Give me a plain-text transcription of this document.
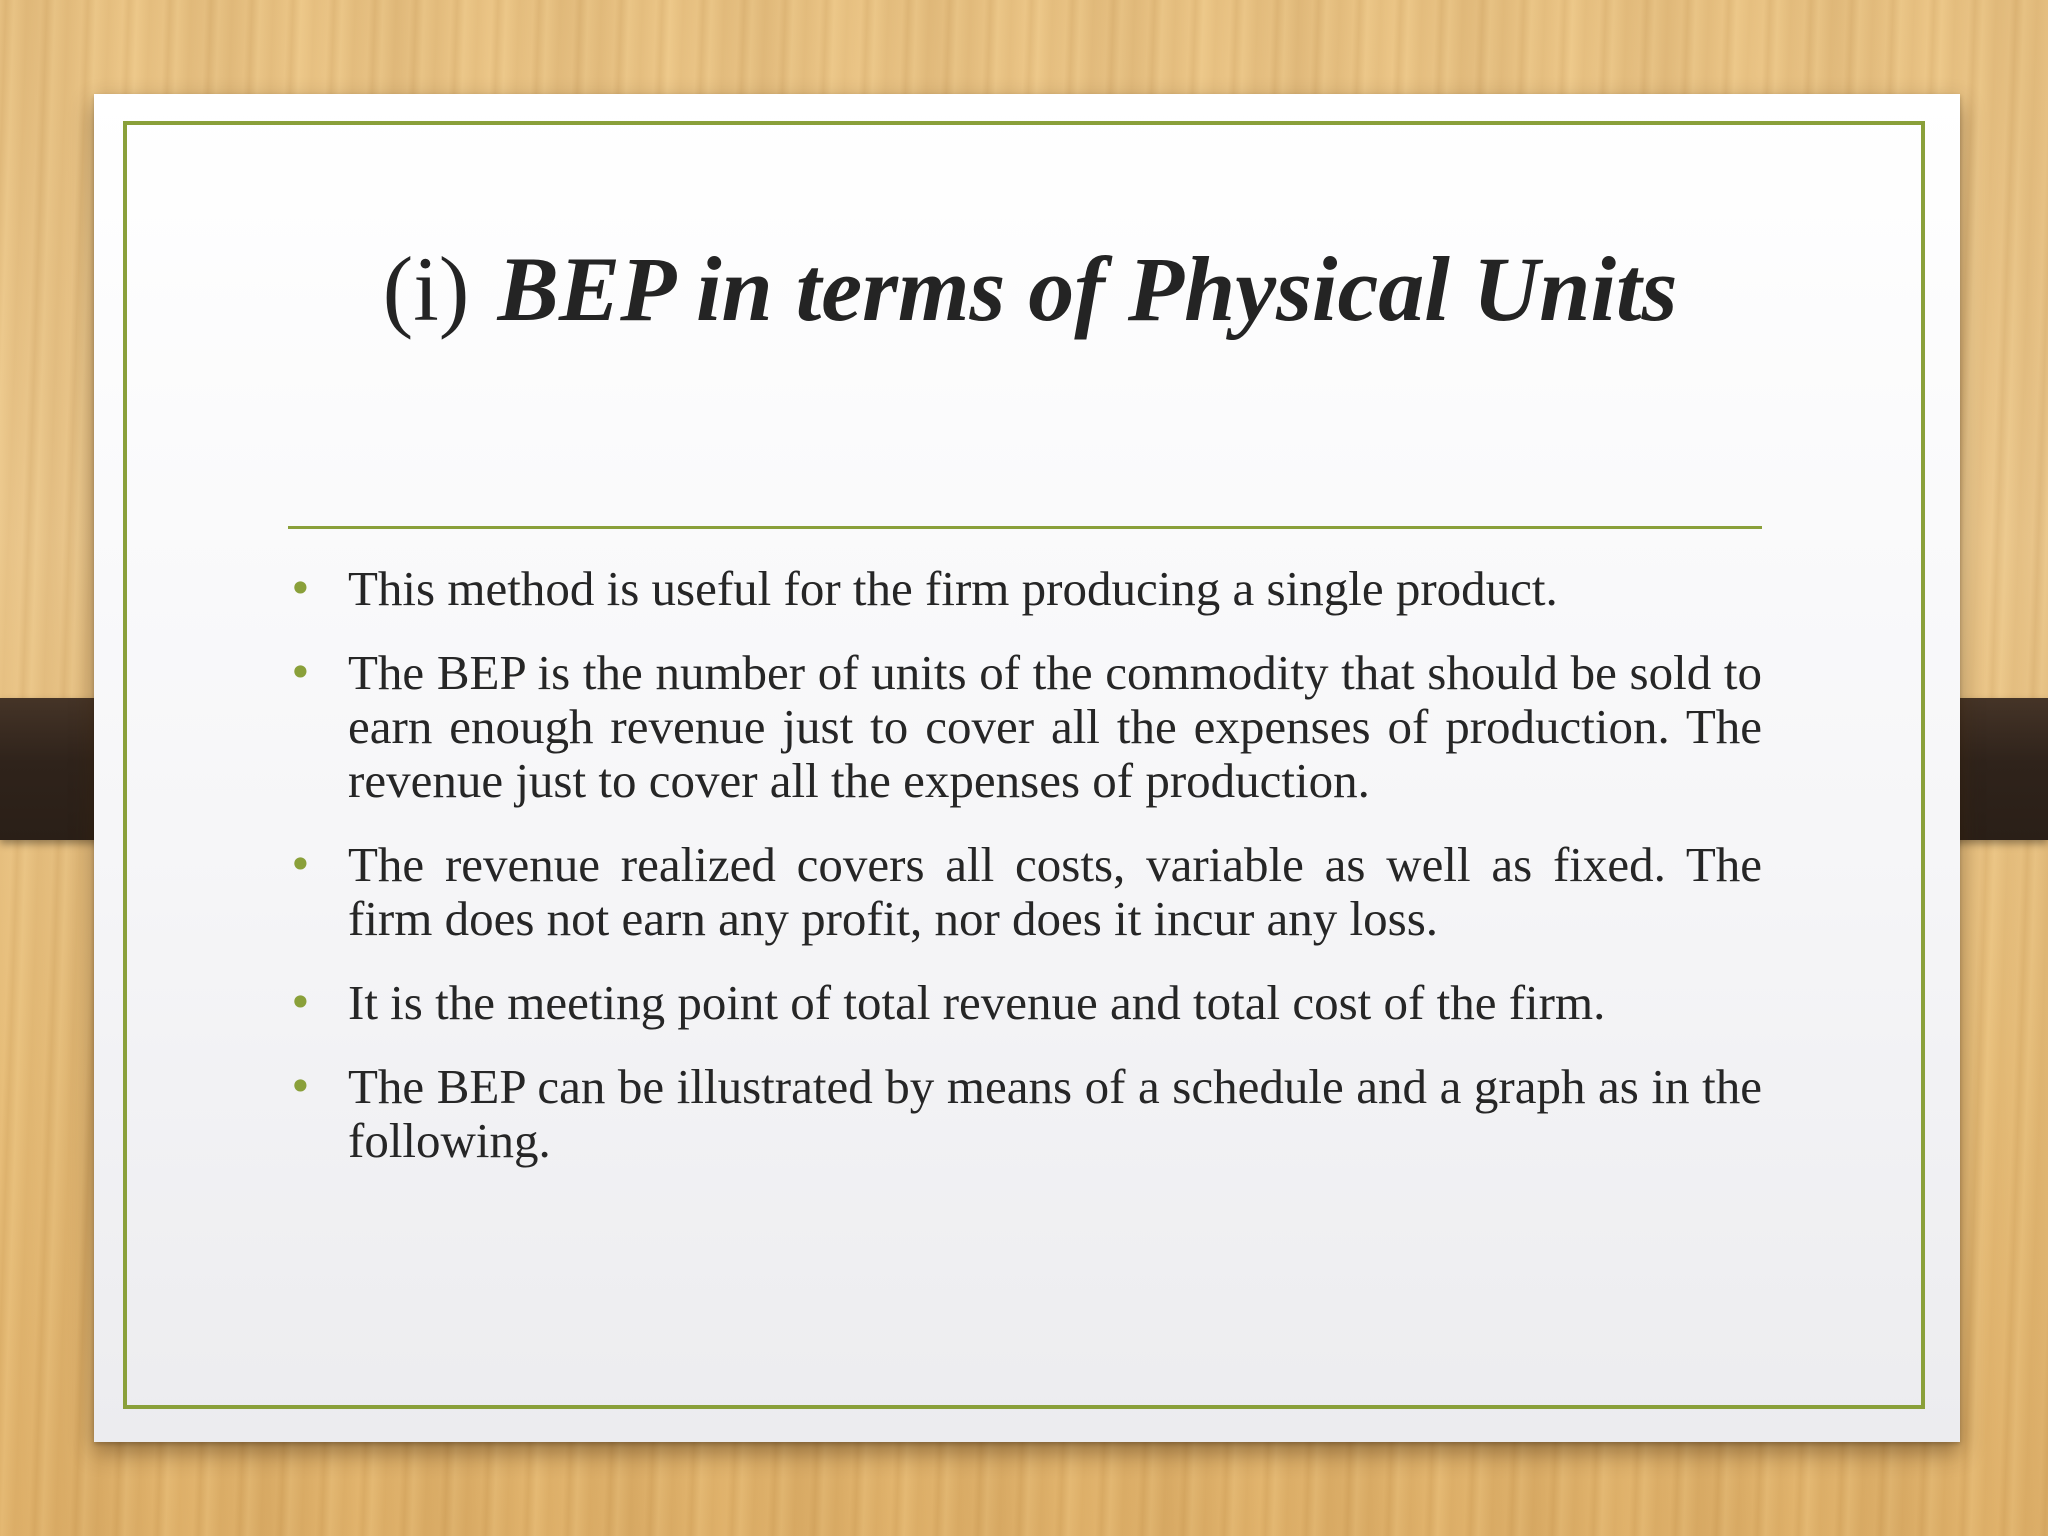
(i) BEP in terms of Physical Units
• This method is useful for the firm producing a single product.
• The BEP is the number of units of the commodity that should be sold to earn enough revenue just to cover all the expenses of production. The revenue just to cover all the expenses of production.
• The revenue realized covers all costs, variable as well as fixed. The firm does not earn any profit, nor does it incur any loss.
• It is the meeting point of total revenue and total cost of the firm.
• The BEP can be illustrated by means of a schedule and a graph as in the following.
